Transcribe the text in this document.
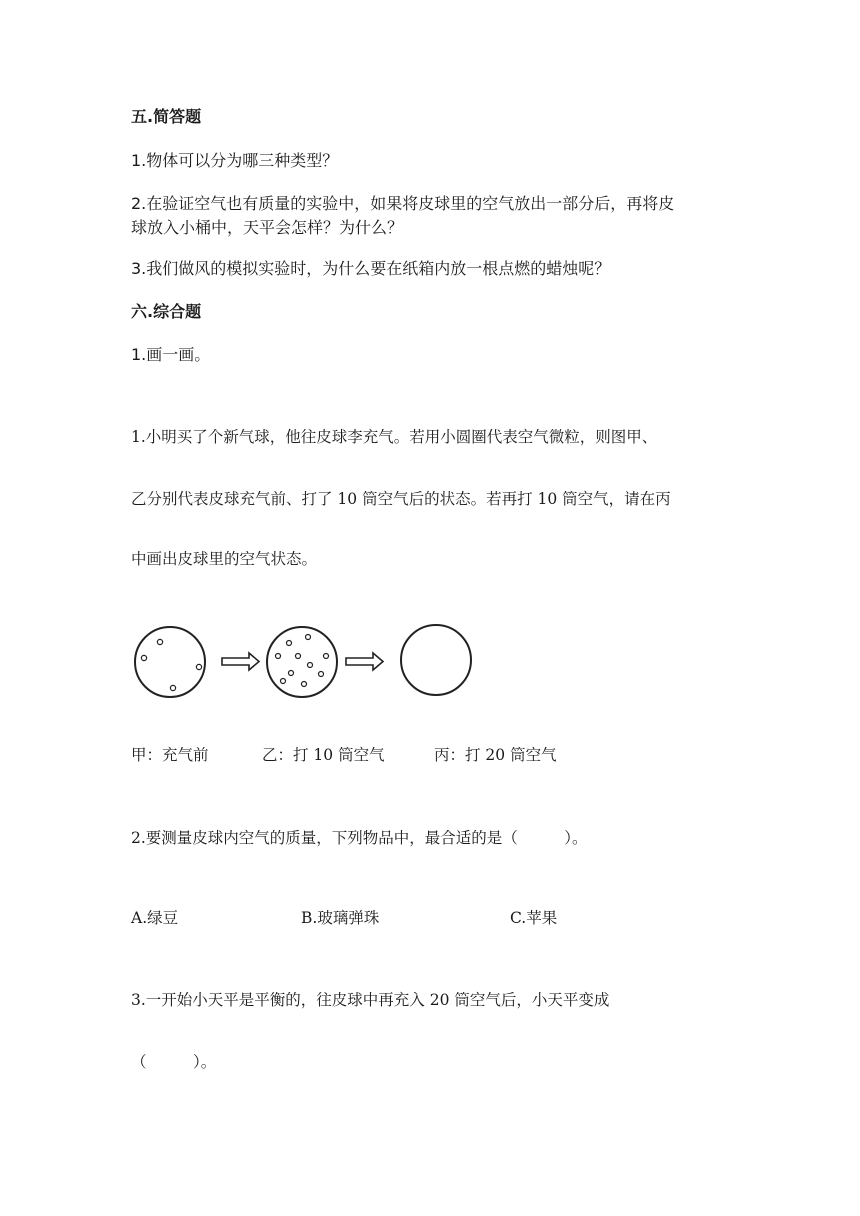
五.简答题
1.物体可以分为哪三种类型？
2.在验证空气也有质量的实验中，如果将皮球里的空气放出一部分后，再将皮
球放入小桶中，天平会怎样？为什么？
3.我们做风的模拟实验时，为什么要在纸箱内放一根点燃的蜡烛呢？
六.综合题
1.画一画。
1.小明买了个新气球，他往皮球李充气。若用小圆圈代表空气微粒，则图甲、
乙分别代表皮球充气前、打了 10 筒空气后的状态。若再打 10 筒空气，请在丙
中画出皮球里的空气状态。
甲：充气前	乙：打 10 筒空气	丙：打 20 筒空气
2.要测量皮球内空气的质量，下列物品中，最合适的是（　　　）。
A.绿豆	B.玻璃弹珠	C.苹果
3.一开始小天平是平衡的，往皮球中再充入 20 筒空气后，小天平变成
（　　　）。
